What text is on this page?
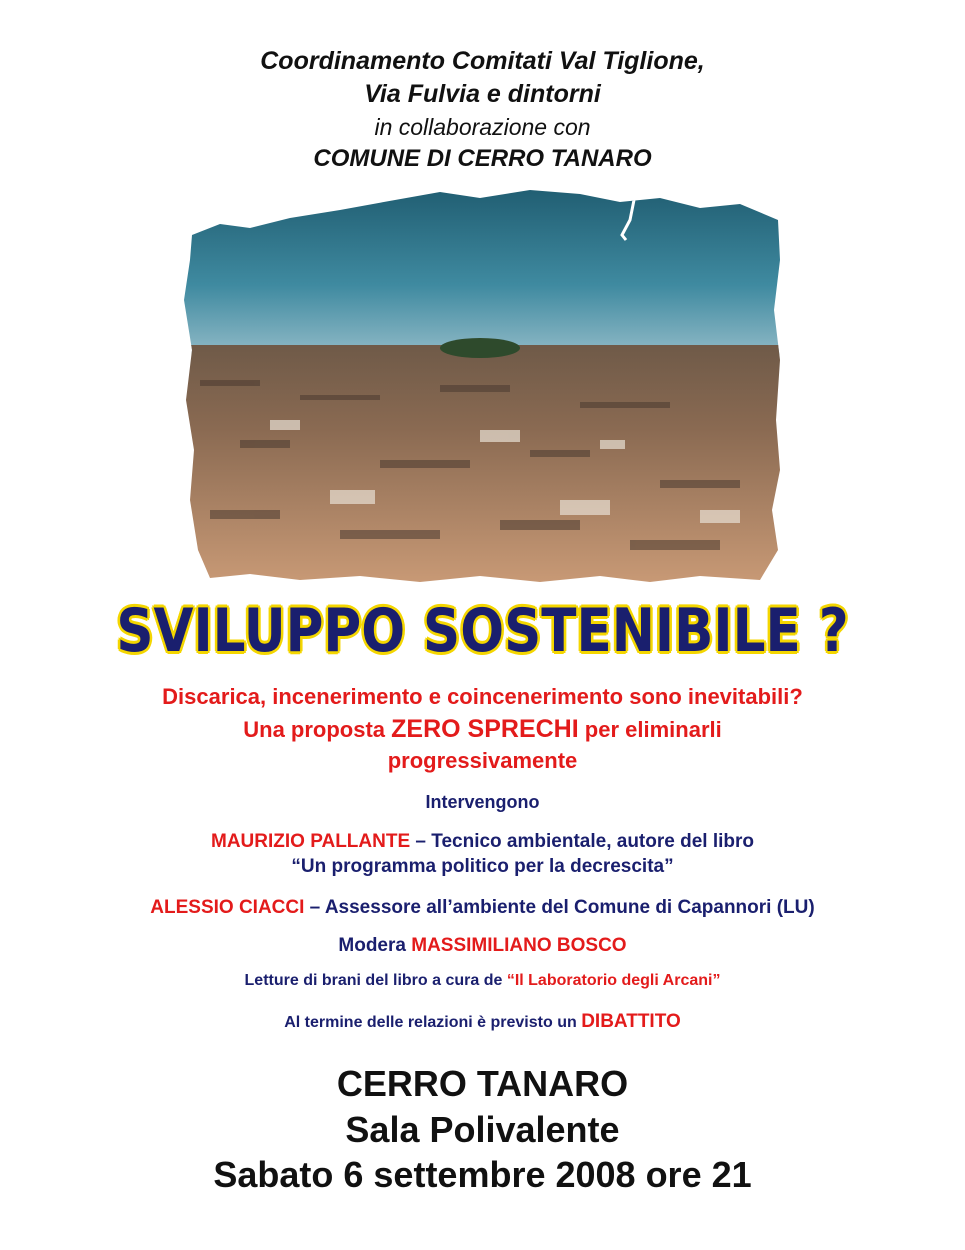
Coordinamento Comitati Val Tiglione,
Via Fulvia e dintorni
in collaborazione con
COMUNE DI CERRO TANARO
SVILUPPO SOSTENIBILE ?
Discarica, incenerimento e coincenerimento sono inevitabili?
Una proposta ZERO SPRECHI per eliminarli
progressivamente
Intervengono
MAURIZIO PALLANTE – Tecnico ambientale, autore del libro
“Un programma politico per la decrescita”
ALESSIO CIACCI – Assessore all’ambiente del Comune di Capannori (LU)
Modera MASSIMILIANO BOSCO
Letture di brani del libro a cura de “Il Laboratorio degli Arcani”
Al termine delle relazioni è previsto un DIBATTITO
CERRO TANARO
Sala Polivalente
Sabato 6 settembre 2008 ore 21
